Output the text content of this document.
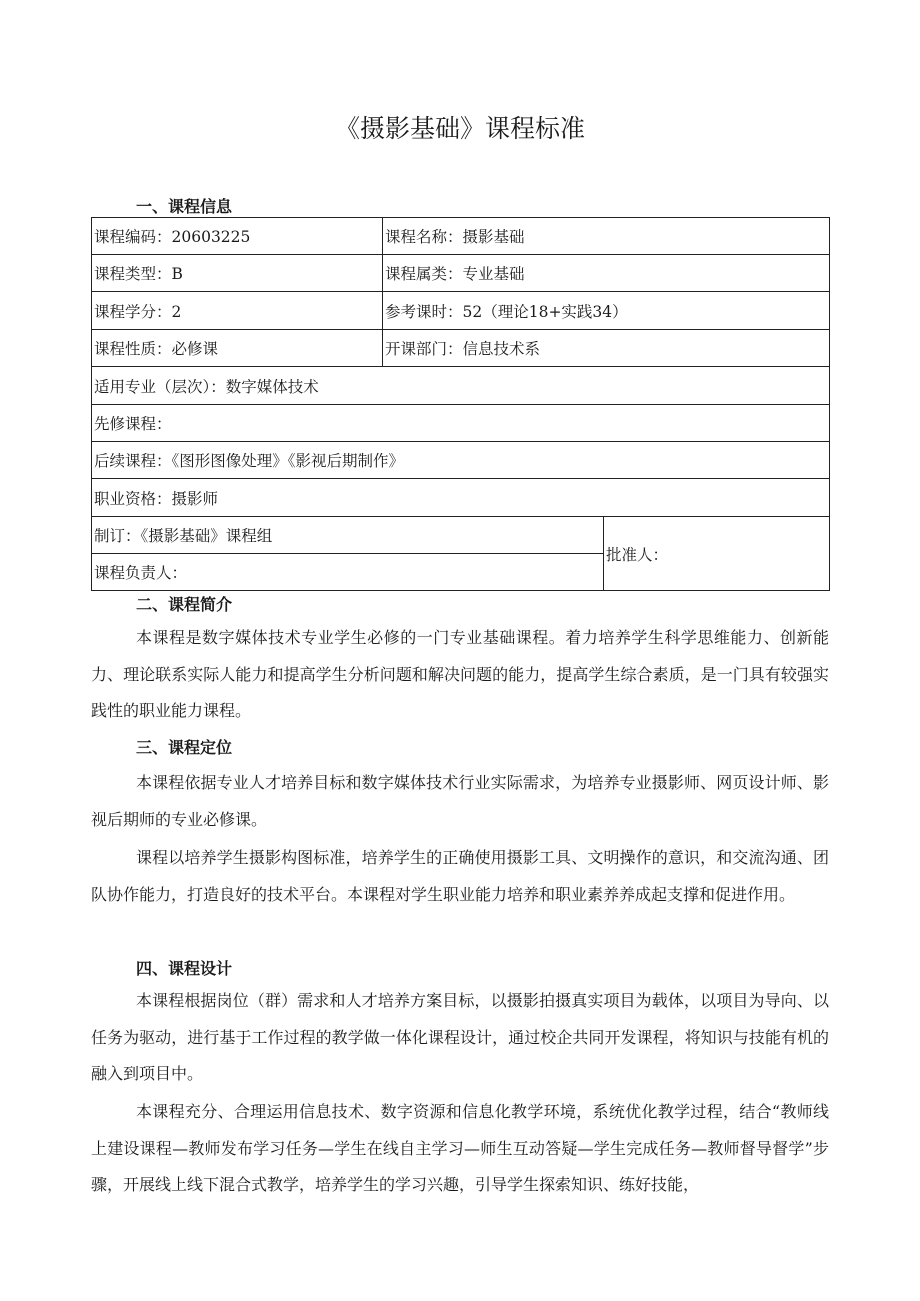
《摄影基础》课程标准
一、课程信息
课程编码：20603225	课程名称：摄影基础	
课程类型：B	课程属类：专业基础	
课程学分：2	参考课时：52（理论18+实践34）	
课程性质：必修课	开课部门：信息技术系	
适用专业（层次）：数字媒体技术		
先修课程：		
后续课程：《图形图像处理》《影视后期制作》		
职业资格：摄影师		
制订：《摄影基础》课程组		批准人：
课程负责人：		
二、课程简介

本课程是数字媒体技术专业学生必修的一门专业基础课程。着力培养学生科学思维能力、创新能力、理论联系实际人能力和提高学生分析问题和解决问题的能力，提高学生综合素质，是一门具有较强实践性的职业能力课程。

三、课程定位

本课程依据专业人才培养目标和数字媒体技术行业实际需求，为培养专业摄影师、网页设计师、影视后期师的专业必修课。

课程以培养学生摄影构图标准，培养学生的正确使用摄影工具、文明操作的意识，和交流沟通、团队协作能力，打造良好的技术平台。本课程对学生职业能力培养和职业素养养成起支撑和促进作用。

四、课程设计

本课程根据岗位（群）需求和人才培养方案目标，以摄影拍摄真实项目为载体，以项目为导向、以任务为驱动，进行基于工作过程的教学做一体化课程设计，通过校企共同开发课程，将知识与技能有机的融入到项目中。

本课程充分、合理运用信息技术、数字资源和信息化教学环境，系统优化教学过程，结合“教师线上建设课程—教师发布学习任务—学生在线自主学习—师生互动答疑—学生完成任务—教师督导督学”步骤，开展线上线下混合式教学，培养学生的学习兴趣，引导学生探索知识、练好技能，
